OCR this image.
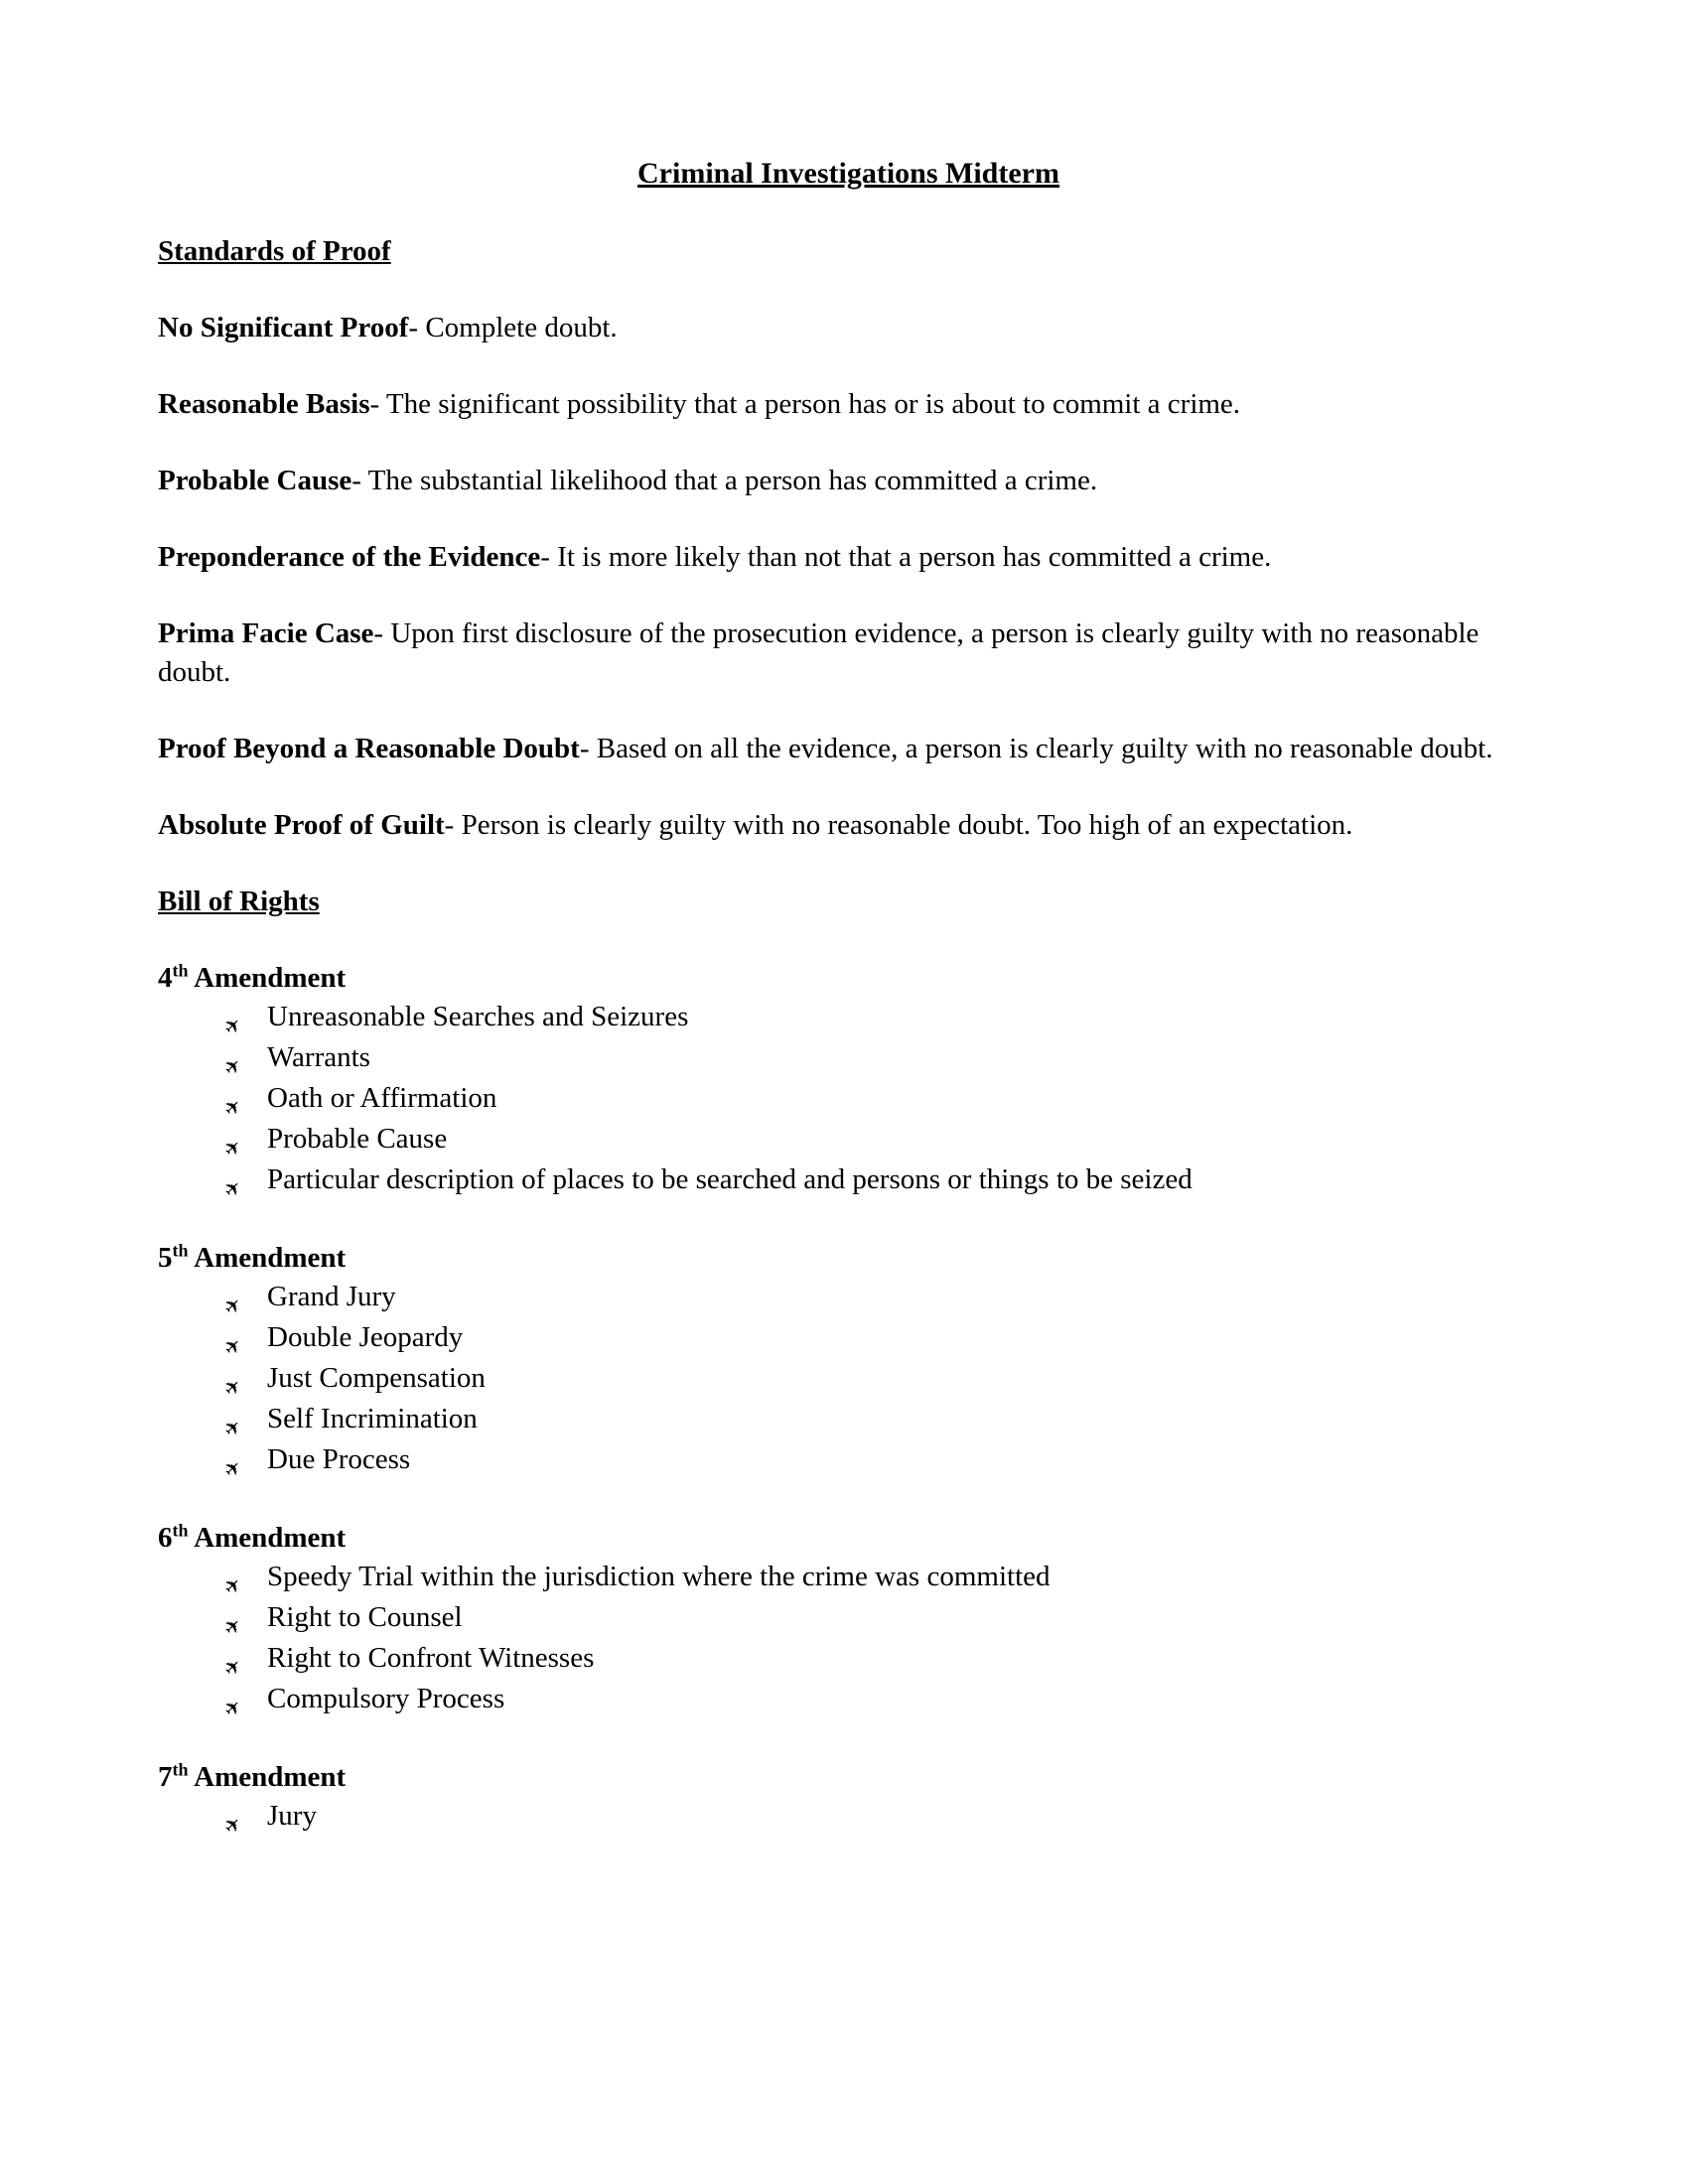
Criminal Investigations Midterm
Standards of Proof

No Significant Proof- Complete doubt.

Reasonable Basis- The significant possibility that a person has or is about to commit a crime.

Probable Cause- The substantial likelihood that a person has committed a crime.

Preponderance of the Evidence- It is more likely than not that a person has committed a crime.

Prima Facie Case- Upon first disclosure of the prosecution evidence, a person is clearly guilty with no reasonable doubt.

Proof Beyond a Reasonable Doubt- Based on all the evidence, a person is clearly guilty with no reasonable doubt.

Absolute Proof of Guilt- Person is clearly guilty with no reasonable doubt. Too high of an expectation.

Bill of Rights

4th Amendment

✈ Unreasonable Searches and Seizures
✈ Warrants
✈ Oath or Affirmation
✈ Probable Cause
✈ Particular description of places to be searched and persons or things to be seized

5th Amendment

✈ Grand Jury
✈ Double Jeopardy
✈ Just Compensation
✈ Self Incrimination
✈ Due Process

6th Amendment

✈ Speedy Trial within the jurisdiction where the crime was committed
✈ Right to Counsel
✈ Right to Confront Witnesses
✈ Compulsory Process

7th Amendment

✈ Jury
